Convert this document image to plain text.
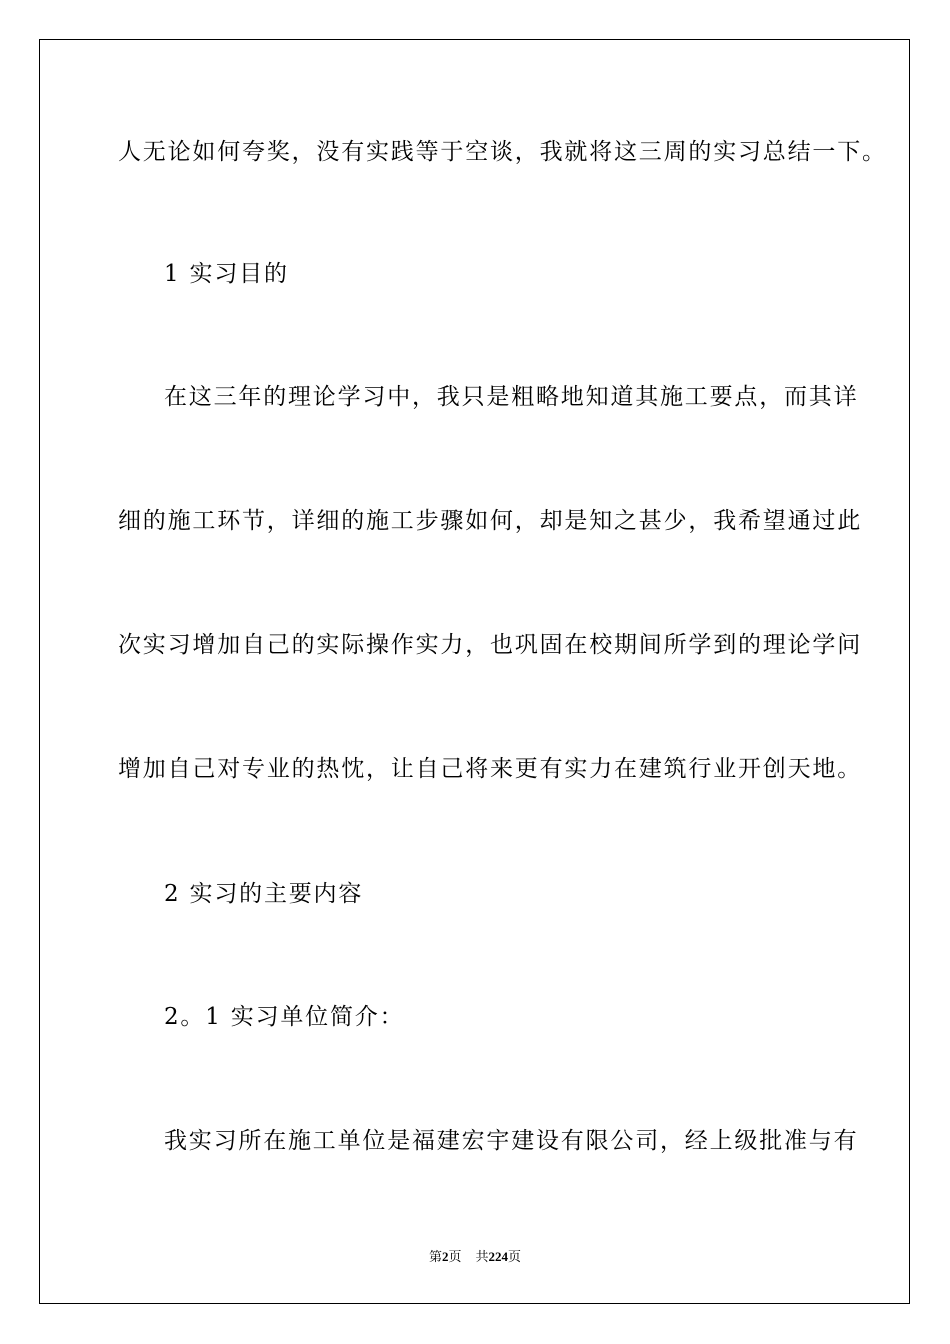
人无论如何夸奖，没有实践等于空谈，我就将这三周的实习总结一下。
1 实习目的
在这三年的理论学习中，我只是粗略地知道其施工要点，而其详
细的施工环节，详细的施工步骤如何，却是知之甚少，我希望通过此
次实习增加自己的实际操作实力，也巩固在校期间所学到的理论学问
增加自己对专业的热忱，让自己将来更有实力在建筑行业开创天地。
2 实习的主要内容
2。1 实习单位简介：
我实习所在施工单位是福建宏宇建设有限公司，经上级批准与有
第2页 共224页
